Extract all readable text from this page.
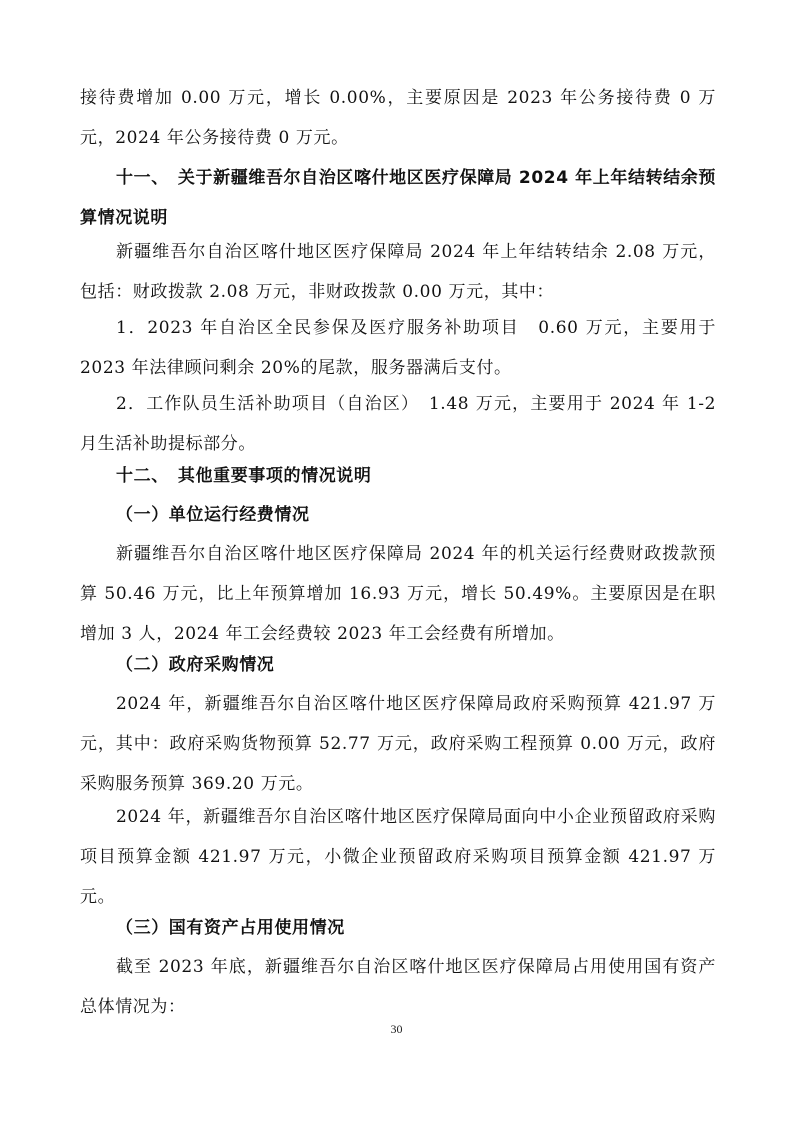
接待费增加 0.00 万元，增长 0.00%，主要原因是 2023 年公务接待费 0 万元，2024 年公务接待费 0 万元。

十一、　关于新疆维吾尔自治区喀什地区医疗保障局 2024 年上年结转结余预算情况说明

新疆维吾尔自治区喀什地区医疗保障局 2024 年上年结转结余 2.08 万元，包括：财政拨款 2.08 万元，非财政拨款 0.00 万元，其中：

1．2023 年自治区全民参保及医疗服务补助项目　0.60 万元，主要用于 2023 年法律顾问剩余 20%的尾款，服务器满后支付。

2．工作队员生活补助项目（自治区）　1.48 万元，主要用于 2024 年 1-2 月生活补助提标部分。

十二、　其他重要事项的情况说明

（一）单位运行经费情况

新疆维吾尔自治区喀什地区医疗保障局 2024 年的机关运行经费财政拨款预算 50.46 万元，比上年预算增加 16.93 万元，增长 50.49%。主要原因是在职增加 3 人，2024 年工会经费较 2023 年工会经费有所增加。

（二）政府采购情况

2024 年，新疆维吾尔自治区喀什地区医疗保障局政府采购预算 421.97 万元，其中：政府采购货物预算 52.77 万元，政府采购工程预算 0.00 万元，政府采购服务预算 369.20 万元。

2024 年，新疆维吾尔自治区喀什地区医疗保障局面向中小企业预留政府采购项目预算金额 421.97 万元，小微企业预留政府采购项目预算金额 421.97 万元。

（三）国有资产占用使用情况

截至 2023 年底，新疆维吾尔自治区喀什地区医疗保障局占用使用国有资产总体情况为：

30
